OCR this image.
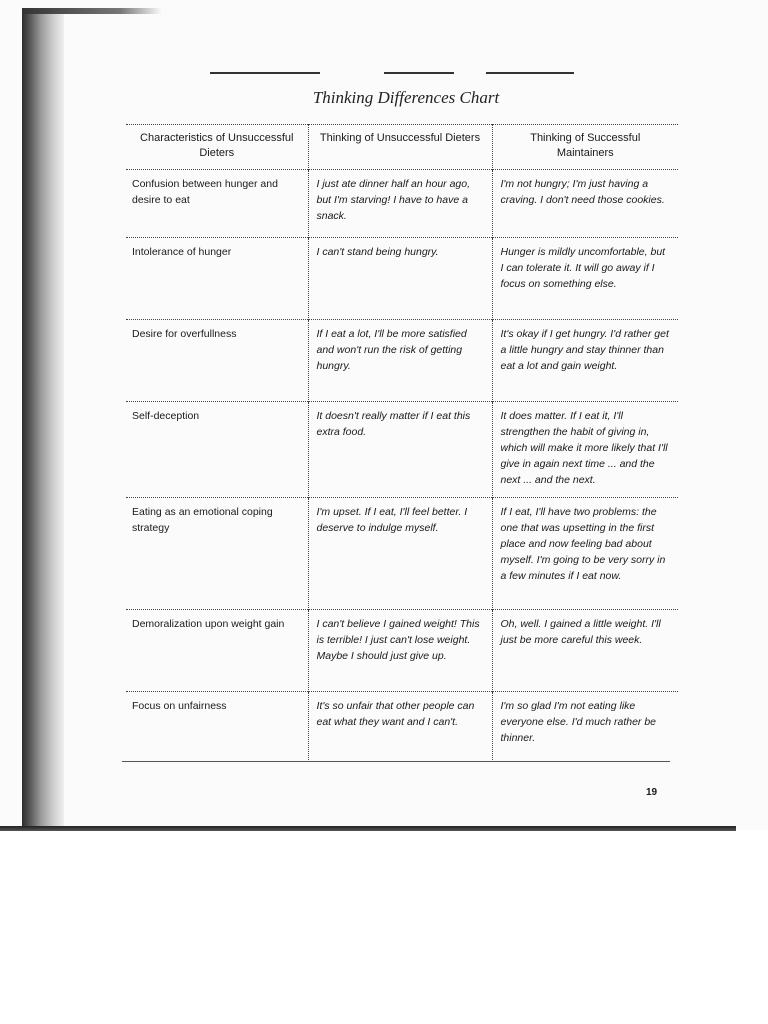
Thinking Differences Chart
Characteristics of Unsuccessful Dieters	Thinking of Unsuccessful Dieters	Thinking of Successful Maintainers
Confusion between hunger and desire to eat	I just ate dinner half an hour ago, but I'm starving! I have to have a snack.	I'm not hungry; I'm just having a craving. I don't need those cookies.
Intolerance of hunger	I can't stand being hungry.	Hunger is mildly uncomfortable, but I can tolerate it. It will go away if I focus on something else.
Desire for overfullness	If I eat a lot, I'll be more satisfied and won't run the risk of getting hungry.	It's okay if I get hungry. I'd rather get a little hungry and stay thinner than eat a lot and gain weight.
Self-deception	It doesn't really matter if I eat this extra food.	It does matter. If I eat it, I'll strengthen the habit of giving in, which will make it more likely that I'll give in again next time ... and the next ... and the next.
Eating as an emotional coping strategy	I'm upset. If I eat, I'll feel better. I deserve to indulge myself.	If I eat, I'll have two problems: the one that was upsetting in the first place and now feeling bad about myself. I'm going to be very sorry in a few minutes if I eat now.
Demoralization upon weight gain	I can't believe I gained weight! This is terrible! I just can't lose weight. Maybe I should just give up.	Oh, well. I gained a little weight. I'll just be more careful this week.
Focus on unfairness	It's so unfair that other people can eat what they want and I can't.	I'm so glad I'm not eating like everyone else. I'd much rather be thinner.
19
